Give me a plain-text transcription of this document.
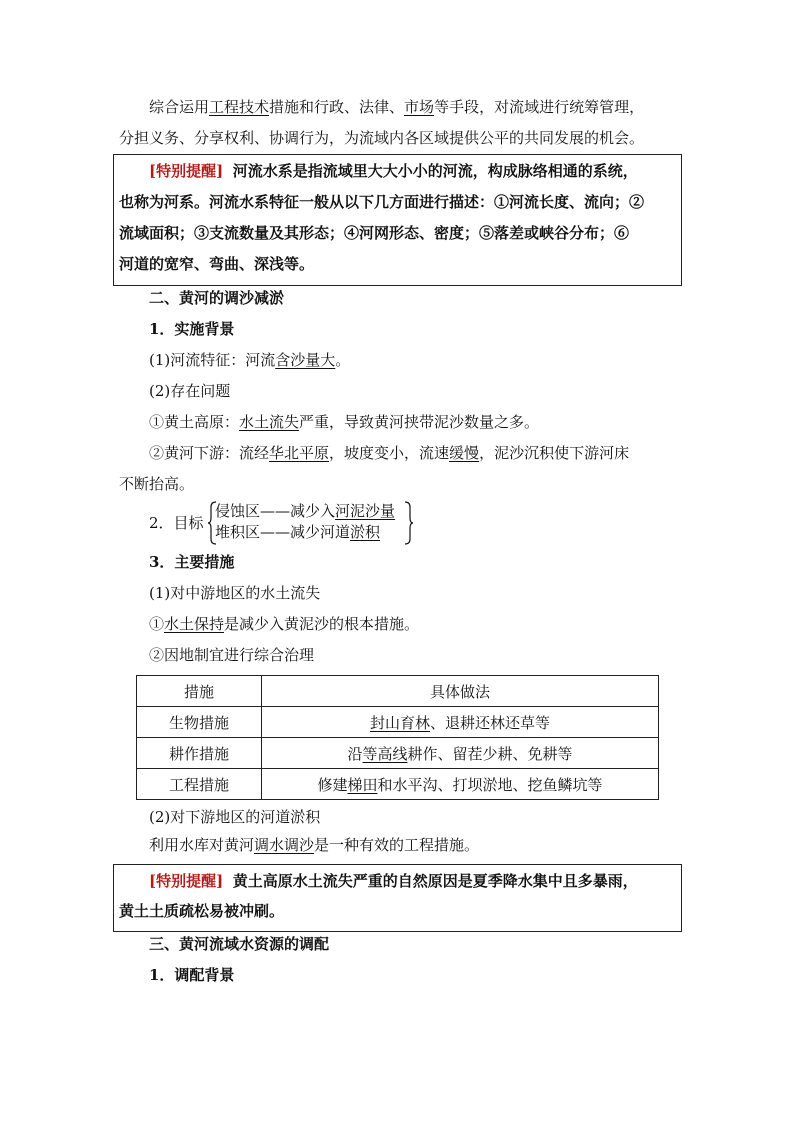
综合运用工程技术措施和行政、法律、市场等手段，对流域进行统筹管理，
分担义务、分享权利、协调行为，为流域内各区域提供公平的共同发展的机会。
[特别提醒] 河流水系是指流域里大大小小的河流，构成脉络相通的系统，
也称为河系。河流水系特征一般从以下几方面进行描述：①河流长度、流向；②
流域面积；③支流数量及其形态；④河网形态、密度；⑤落差或峡谷分布；⑥
河道的宽窄、弯曲、深浅等。
二、黄河的调沙减淤
1．实施背景
(1)河流特征：河流含沙量大。
(2)存在问题
①黄土高原：水土流失严重，导致黄河挟带泥沙数量之多。
②黄河下游：流经华北平原，坡度变小，流速缓慢，泥沙沉积使下游河床
不断抬高。
2．目标
侵蚀区——减少入河泥沙量
堆积区——减少河道淤积
3．主要措施
(1)对中游地区的水土流失
①水土保持是减少入黄泥沙的根本措施。
②因地制宜进行综合治理
措施	具体做法
生物措施	封山育林、退耕还林还草等
耕作措施	沿等高线耕作、留茬少耕、免耕等
工程措施	修建梯田和水平沟、打坝淤地、挖鱼鳞坑等
(2)对下游地区的河道淤积
利用水库对黄河调水调沙是一种有效的工程措施。
[特别提醒] 黄土高原水土流失严重的自然原因是夏季降水集中且多暴雨，
黄土土质疏松易被冲刷。
三、黄河流域水资源的调配
1．调配背景
